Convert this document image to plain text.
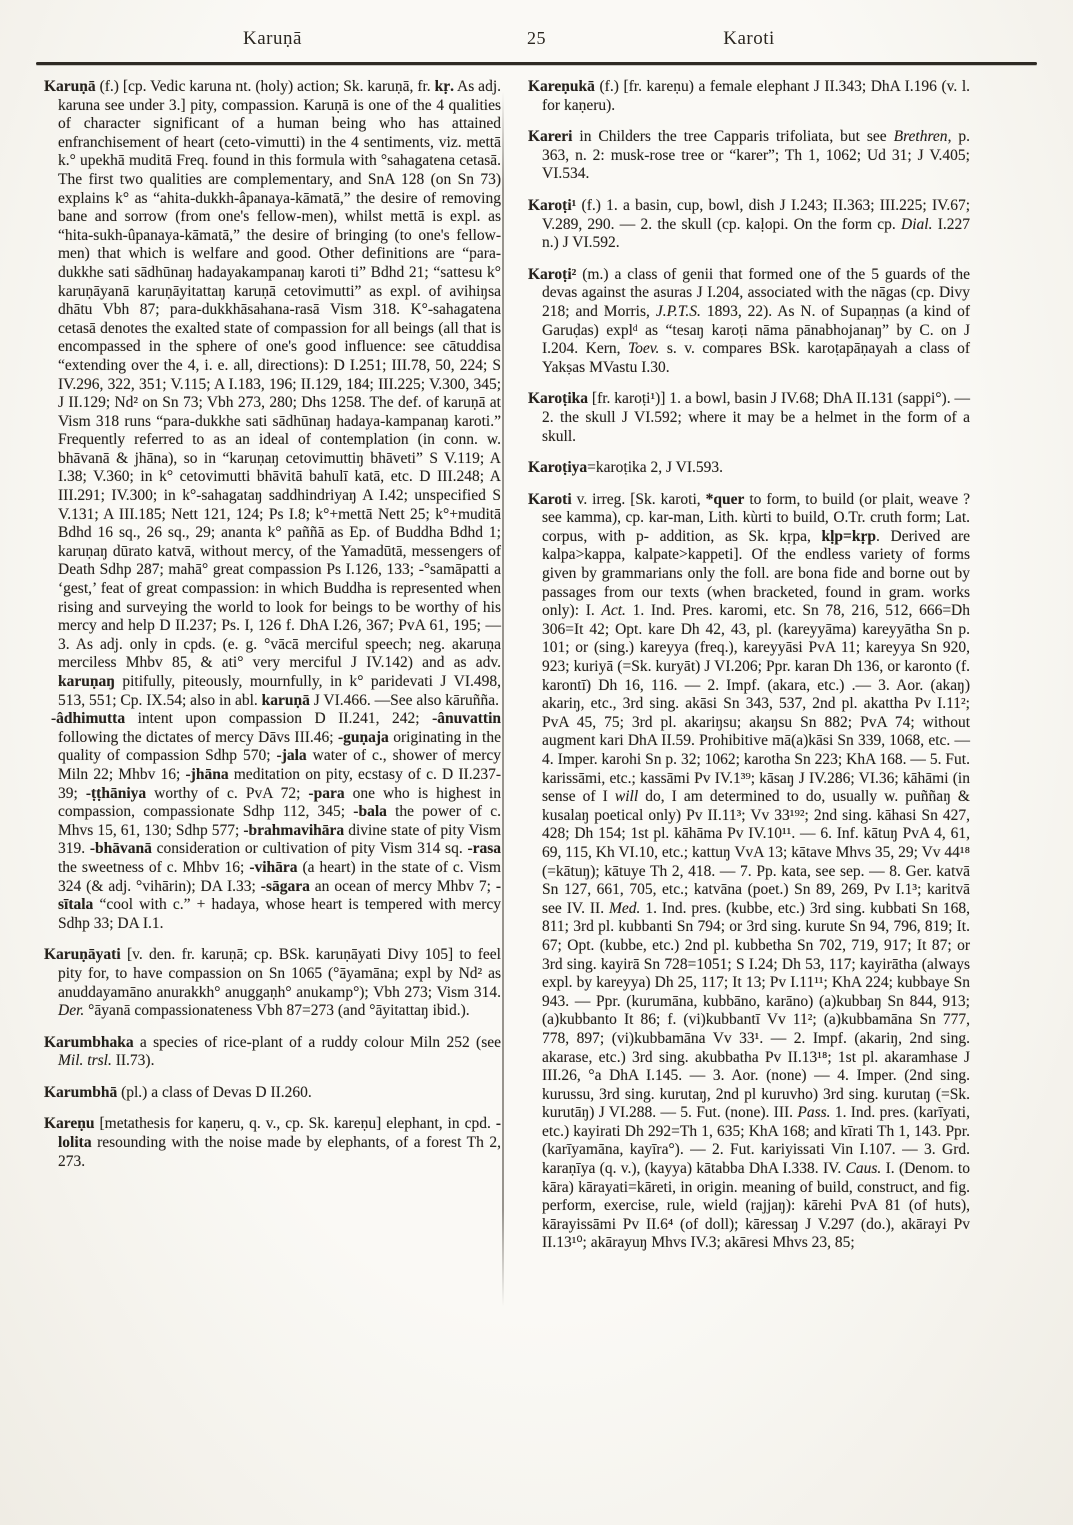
Karuṇā	25	Karoti

Karuṇā (f.) [cp. Vedic karuna nt. (holy) action; Sk. karuṇā, fr. kṛ. As adj. karuna see under 3.] pity, compassion. Karuṇā is one of the 4 qualities of character significant of a human being who has attained enfranchisement of heart (ceto-vimutti) in the 4 sentiments, viz. mettā k.° upekhā muditā Freq. found in this formula with °sahagatena cetasā. The first two qualities are complementary, and SnA 128 (on Sn 73) explains k° as “ahita-dukkh-âpanaya-kāmatā,” the desire of removing bane and sorrow (from one's fellow-men), whilst mettā is expl. as “hita-sukh-ûpanaya-kāmatā,” the desire of bringing (to one's fellow-men) that which is welfare and good. Other definitions are “para-dukkhe sati sādhūnaŋ hadayakampanaŋ karoti ti” Bdhd 21; “sattesu k° karuṇāyanā karuṇāyitattaŋ karuṇā cetovimutti” as expl. of avihiŋsa dhātu Vbh 87; para-dukkhāsahana-rasā Vism 318. K°-sahagatena cetasā denotes the exalted state of compassion for all beings (all that is encompassed in the sphere of one's good influence: see cātuddisa “extending over the 4, i. e. all, directions): D I.251; III.78, 50, 224; S IV.296, 322, 351; V.115; A I.183, 196; II.129, 184; III.225; V.300, 345; J II.129; Nd² on Sn 73; Vbh 273, 280; Dhs 1258. The def. of karuṇā at Vism 318 runs “para-dukkhe sati sādhūnaŋ hadaya-kampanaŋ karoti.” Frequently referred to as an ideal of contemplation (in conn. w. bhāvanā & jhāna), so in “karuṇaŋ cetovimuttiŋ bhāveti” S V.119; A I.38; V.360; in k° cetovimutti bhāvitā bahulī katā, etc. D III.248; A III.291; IV.300; in k°-sahagataŋ saddhindriyaŋ A I.42; unspecified S V.131; A III.185; Nett 121, 124; Ps I.8; k°+mettā Nett 25; k°+muditā Bdhd 16 sq., 26 sq., 29; ananta k° paññā as Ep. of Buddha Bdhd 1; karuṇaŋ dūrato katvā, without mercy, of the Yamadūtā, messengers of Death Sdhp 287; mahā° great compassion Ps I.126, 133; -°samāpatti a ‘gest,’ feat of great compassion: in which Buddha is represented when rising and surveying the world to look for beings to be worthy of his mercy and help D II.237; Ps. I, 126 f. DhA I.26, 367; PvA 61, 195; — 3. As adj. only in cpds. (e. g. °vācā merciful speech; neg. akaruṇa merciless Mhbv 85, & ati° very merciful J IV.142) and as adv. karuṇaŋ pitifully, piteously, mournfully, in k° paridevati J VI.498, 513, 551; Cp. IX.54; also in abl. karuṇā J VI.466. —See also kāruñña.

-âdhimutta intent upon compassion D II.241, 242; -ânuvattin following the dictates of mercy Dāvs III.46; -guṇaja originating in the quality of compassion Sdhp 570; -jala water of c., shower of mercy Miln 22; Mhbv 16; -jhāna meditation on pity, ecstasy of c. D II.237-39; -ṭṭhāniya worthy of c. PvA 72; -para one who is highest in compassion, compassionate Sdhp 112, 345; -bala the power of c. Mhvs 15, 61, 130; Sdhp 577; -brahmavihāra divine state of pity Vism 319. -bhāvanā consideration or cultivation of pity Vism 314 sq. -rasa the sweetness of c. Mhbv 16; -vihāra (a heart) in the state of c. Vism 324 (& adj. °vihārin); DA I.33; -sāgara an ocean of mercy Mhbv 7; -sītala “cool with c.” + hadaya, whose heart is tempered with mercy Sdhp 33; DA I.1.

Karuṇāyati [v. den. fr. karuṇā; cp. BSk. karuṇāyati Divy 105] to feel pity for, to have compassion on Sn 1065 (°āyamāna; expl by Nd² as anuddayamāno anurakkh° anuggaṇh° anukamp°); Vbh 273; Vism 314. Der. °āyanā compassionateness Vbh 87=273 (and °āyitattaŋ ibid.).

Karumbhaka a species of rice-plant of a ruddy colour Miln 252 (see Mil. trsl. II.73).

Karumbhā (pl.) a class of Devas D II.260.

Kareṇu [metathesis for kaṇeru, q. v., cp. Sk. kareṇu] elephant, in cpd. -lolita resounding with the noise made by elephants, of a forest Th 2, 273.

Kareṇukā (f.) [fr. kareṇu) a female elephant J II.343; DhA I.196 (v. l. for kaṇeru).

Kareri in Childers the tree Capparis trifoliata, but see Brethren, p. 363, n. 2: musk-rose tree or “karer”; Th 1, 1062; Ud 31; J V.405; VI.534.

Karoṭi¹ (f.) 1. a basin, cup, bowl, dish J I.243; II.363; III.225; IV.67; V.289, 290. — 2. the skull (cp. kaḷopi. On the form cp. Dial. I.227 n.) J VI.592.

Karoṭi² (m.) a class of genii that formed one of the 5 guards of the devas against the asuras J I.204, associated with the nāgas (cp. Divy 218; and Morris, J.P.T.S. 1893, 22). As N. of Supaṇṇas (a kind of Garuḍas) explᵈ as “tesaŋ karoṭi nāma pānabhojanaŋ” by C. on J I.204. Kern, Toev. s. v. compares BSk. karoṭapāṇayah a class of Yakṣas MVastu I.30.

Karoṭika [fr. karoṭi¹)] 1. a bowl, basin J IV.68; DhA II.131 (sappi°). — 2. the skull J VI.592; where it may be a helmet in the form of a skull.

Karoṭiya=karoṭika 2, J VI.593.

Karoti v. irreg. [Sk. karoti, *quer to form, to build (or plait, weave ? see kamma), cp. kar-man, Lith. kùrti to build, O.Tr. cruth form; Lat. corpus, with p- addition, as Sk. kṛpa, kḷp=kṛp. Derived are kalpa>kappa, kalpate>kappeti]. Of the endless variety of forms given by grammarians only the foll. are bona fide and borne out by passages from our texts (when bracketed, found in gram. works only): I. Act. 1. Ind. Pres. karomi, etc. Sn 78, 216, 512, 666=Dh 306=It 42; Opt. kare Dh 42, 43, pl. (kareyyāma) kareyyātha Sn p. 101; or (sing.) kareyya (freq.), kareyyāsi PvA 11; kareyya Sn 920, 923; kuriyā (=Sk. kuryāt) J VI.206; Ppr. karan Dh 136, or karonto (f. karontī) Dh 16, 116. — 2. Impf. (akara, etc.) .— 3. Aor. (akaŋ) akariŋ, etc., 3rd sing. akāsi Sn 343, 537, 2nd pl. akattha Pv I.11²; PvA 45, 75; 3rd pl. akariŋsu; akaŋsu Sn 882; PvA 74; without augment kari DhA II.59. Prohibitive mā(a)kāsi Sn 339, 1068, etc. — 4. Imper. karohi Sn p. 32; 1062; karotha Sn 223; KhA 168. — 5. Fut. karissāmi, etc.; kassāmi Pv IV.1³⁹; kāsaŋ J IV.286; VI.36; kāhāmi (in sense of I will do, I am determined to do, usually w. puññaŋ & kusalaŋ poetical only) Pv II.11³; Vv 33¹⁹²; 2nd sing. kāhasi Sn 427, 428; Dh 154; 1st pl. kāhāma Pv IV.10¹¹. — 6. Inf. kātuŋ PvA 4, 61, 69, 115, Kh VI.10, etc.; kattuŋ VvA 13; kātave Mhvs 35, 29; Vv 44¹⁸ (=kātuŋ); kātuye Th 2, 418. — 7. Pp. kata, see sep. — 8. Ger. katvā Sn 127, 661, 705, etc.; katvāna (poet.) Sn 89, 269, Pv I.1³; karitvā see IV. II. Med. 1. Ind. pres. (kubbe, etc.) 3rd sing. kubbati Sn 168, 811; 3rd pl. kubbanti Sn 794; or 3rd sing. kurute Sn 94, 796, 819; It. 67; Opt. (kubbe, etc.) 2nd pl. kubbetha Sn 702, 719, 917; It 87; or 3rd sing. kayirā Sn 728=1051; S I.24; Dh 53, 117; kayirātha (always expl. by kareyya) Dh 25, 117; It 13; Pv I.11¹¹; KhA 224; kubbaye Sn 943. — Ppr. (kurumāna, kubbāno, karāno) (a)kubbaŋ Sn 844, 913; (a)kubbanto It 86; f. (vi)kubbantī Vv 11²; (a)kubbamāna Sn 777, 778, 897; (vi)kubbamāna Vv 33¹. — 2. Impf. (akariŋ, 2nd sing. akarase, etc.) 3rd sing. akubbatha Pv II.13¹⁸; 1st pl. akaramhase J III.26, °a DhA I.145. — 3. Aor. (none) — 4. Imper. (2nd sing. kurussu, 3rd sing. kurutaŋ, 2nd pl kuruvho) 3rd sing. kurutaŋ (=Sk. kurutāŋ) J VI.288. — 5. Fut. (none). III. Pass. 1. Ind. pres. (karīyati, etc.) kayirati Dh 292=Th 1, 635; KhA 168; and kīrati Th 1, 143. Ppr. (karīyamāna, kayīra°). — 2. Fut. kariyissati Vin I.107. — 3. Grd. karaṇīya (q. v.), (kayya) kātabba DhA I.338. IV. Caus. I. (Denom. to kāra) kārayati=kāreti, in origin. meaning of build, construct, and fig. perform, exercise, rule, wield (rajjaŋ): kārehi PvA 81 (of huts), kārayissāmi Pv II.6⁴ (of doll); kāressaŋ J V.297 (do.), akārayi Pv II.13¹⁰; akārayuŋ Mhvs IV.3; akāresi Mhvs 23, 85;
